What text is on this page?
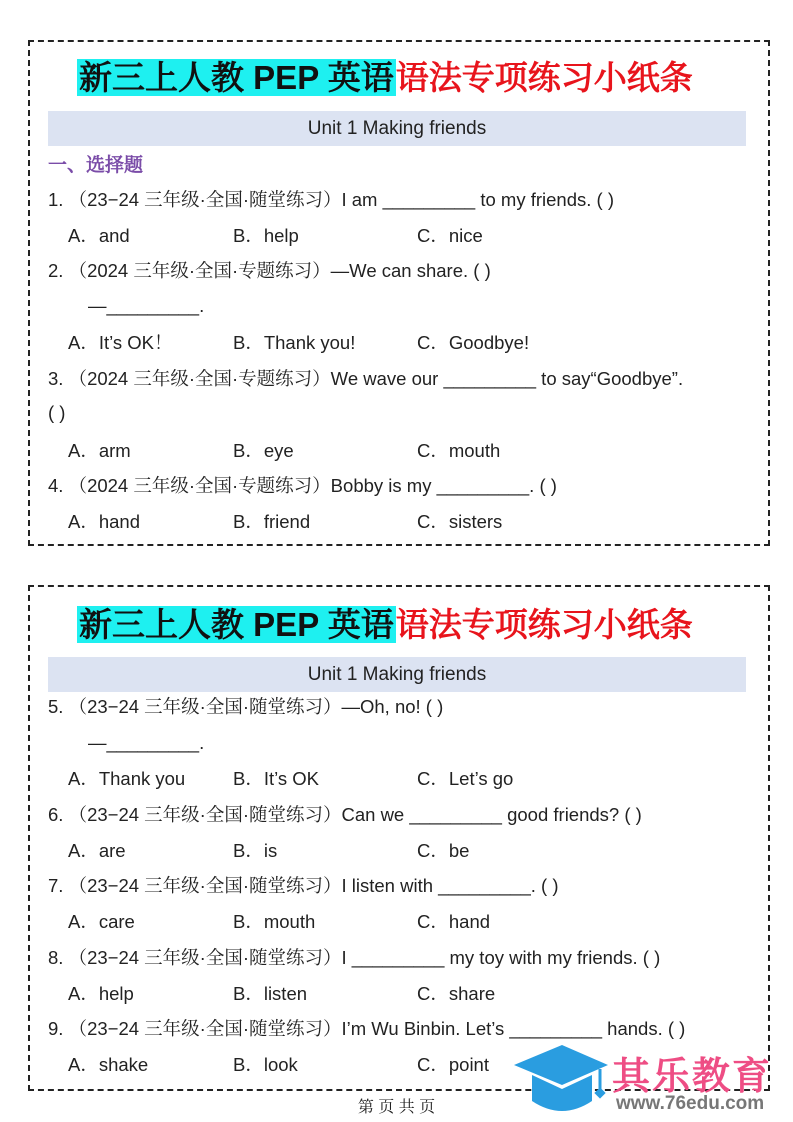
新三上人教 PEP 英语语法专项练习小纸条
Unit 1 Making friends
一、选择题
新三上人教 PEP 英语语法专项练习小纸条
Unit 1 Making friends
1. （23−24 三年级·全国·随堂练习）I am _________ to my friends. ( )
A．and	B．help	C．nice
2. （2024 三年级·全国·专题练习）—We can share. ( )
—_________.
A．It’s OK！	B．Thank you!	C．Goodbye!
3. （2024 三年级·全国·专题练习）We wave our _________ to say“Goodbye”.
( )
A．arm	B．eye	C．mouth
4. （2024 三年级·全国·专题练习）Bobby is my _________. ( )
A．hand	B．friend	C．sisters
5. （23−24 三年级·全国·随堂练习）—Oh, no! ( )
—_________.
A．Thank you	B．It’s OK	C．Let’s go
6. （23−24 三年级·全国·随堂练习）Can we _________ good friends? ( )
A．are	B．is	C．be
7. （23−24 三年级·全国·随堂练习）I listen with _________. ( )
A．care	B．mouth	C．hand
8. （23−24 三年级·全国·随堂练习）I _________ my toy with my friends. ( )
A．help	B．listen	C．share
9. （23−24 三年级·全国·随堂练习）I’m Wu Binbin. Let’s _________ hands. ( )
A．shake	B．look	C．point
第 页 共 页
其乐教育
www.76edu.com
